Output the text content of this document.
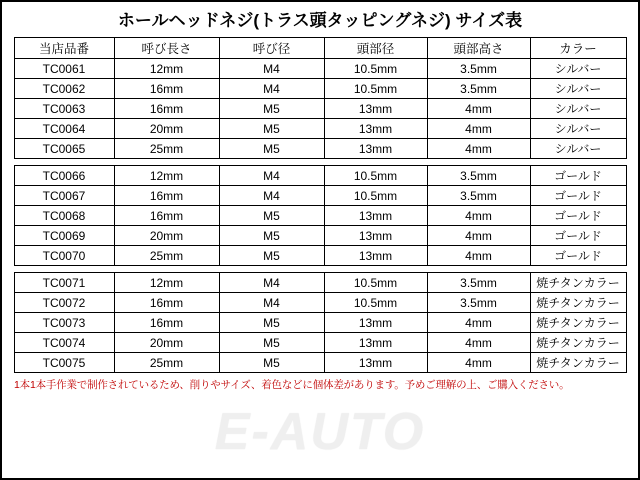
ホールヘッドネジ(トラス頭タッピングネジ) サイズ表
当店品番	呼び長さ	呼び径	頭部径	頭部高さ	カラー
TC0061	12mm	M4	10.5mm	3.5mm	シルバー
TC0062	16mm	M4	10.5mm	3.5mm	シルバー
TC0063	16mm	M5	13mm	4mm	シルバー
TC0064	20mm	M5	13mm	4mm	シルバー
TC0065	25mm	M5	13mm	4mm	シルバー

TC0066	12mm	M4	10.5mm	3.5mm	ゴールド
TC0067	16mm	M4	10.5mm	3.5mm	ゴールド
TC0068	16mm	M5	13mm	4mm	ゴールド
TC0069	20mm	M5	13mm	4mm	ゴールド
TC0070	25mm	M5	13mm	4mm	ゴールド

TC0071	12mm	M4	10.5mm	3.5mm	焼チタンカラー
TC0072	16mm	M4	10.5mm	3.5mm	焼チタンカラー
TC0073	16mm	M5	13mm	4mm	焼チタンカラー
TC0074	20mm	M5	13mm	4mm	焼チタンカラー
TC0075	25mm	M5	13mm	4mm	焼チタンカラー
1本1本手作業で制作されているため、削りやサイズ、着色などに個体差があります。予めご理解の上、ご購入ください。
E-AUTO
